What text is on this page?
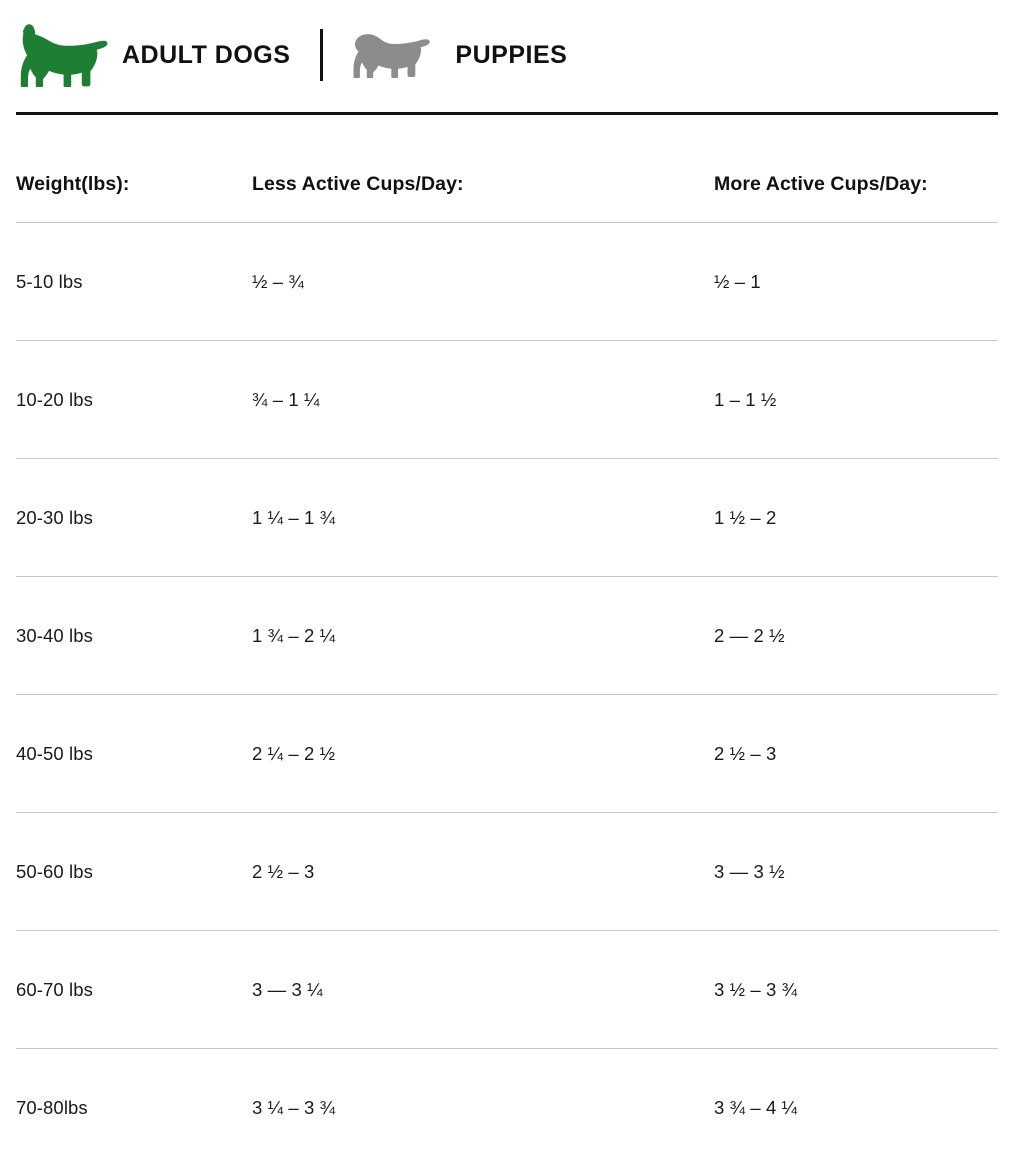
ADULT DOGS	PUPPIES
Weight(lbs):	Less Active Cups/Day:	More Active Cups/Day:
5-10 lbs	½ – ¾	½ – 1
10-20 lbs	¾ – 1 ¼	1 – 1 ½
20-30 lbs	1 ¼ – 1 ¾	1 ½ – 2
30-40 lbs	1 ¾ – 2 ¼	2 — 2 ½
40-50 lbs	2 ¼ – 2 ½	2 ½ – 3
50-60 lbs	2 ½ – 3	3 — 3 ½
60-70 lbs	3 — 3 ¼	3 ½ – 3 ¾
70-80lbs	3 ¼ – 3 ¾	3 ¾ – 4 ¼
